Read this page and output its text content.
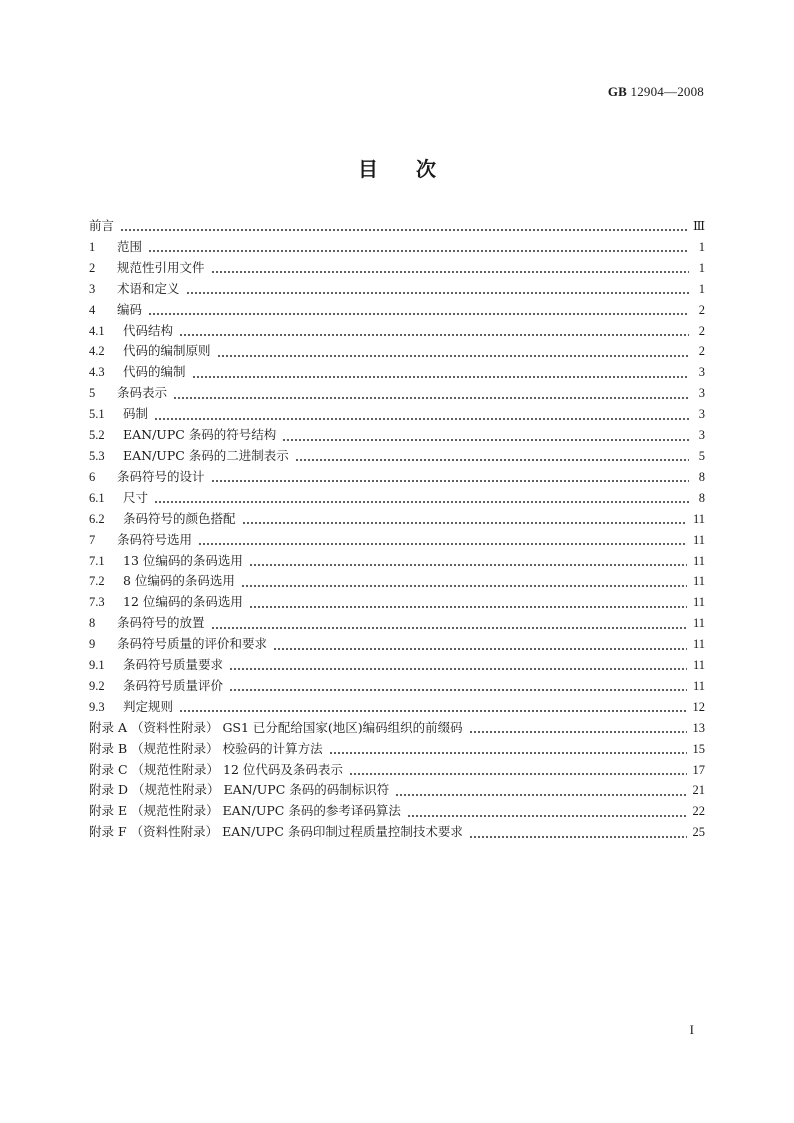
GB 12904—2008
目次
前言	Ⅲ
1	范围	1
2	规范性引用文件	1
3	术语和定义	1
4	编码	2
4.1	代码结构	2
4.2	代码的编制原则	2
4.3	代码的编制	3
5	条码表示	3
5.1	码制	3
5.2	EAN/UPC 条码的符号结构	3
5.3	EAN/UPC 条码的二进制表示	5
6	条码符号的设计	8
6.1	尺寸	8
6.2	条码符号的颜色搭配	11
7	条码符号选用	11
7.1	13 位编码的条码选用	11
7.2	8 位编码的条码选用	11
7.3	12 位编码的条码选用	11
8	条码符号的放置	11
9	条码符号质量的评价和要求	11
9.1	条码符号质量要求	11
9.2	条码符号质量评价	11
9.3	判定规则	12
附录 A （资料性附录） GS1 已分配给国家(地区)编码组织的前缀码	13
附录 B （规范性附录） 校验码的计算方法	15
附录 C （规范性附录） 12 位代码及条码表示	17
附录 D （规范性附录） EAN/UPC 条码的码制标识符	21
附录 E （规范性附录） EAN/UPC 条码的参考译码算法	22
附录 F （资料性附录） EAN/UPC 条码印制过程质量控制技术要求	25
I
